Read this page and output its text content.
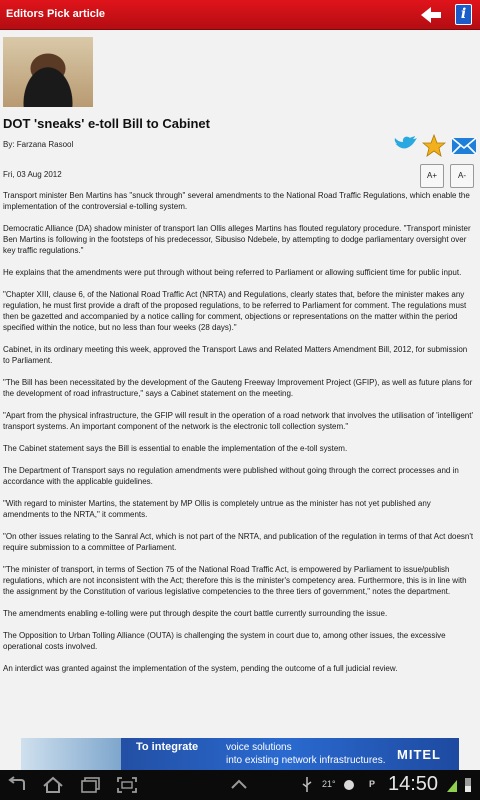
Editors Pick article	i
DOT 'sneaks' e-toll Bill to Cabinet
By: Farzana Rasool
Fri, 03 Aug 2012	A+	A-

Transport minister Ben Martins has "snuck through" several amendments to the National Road Traffic Regulations, which enable the implementation of the controversial e-tolling system.

Democratic Alliance (DA) shadow minister of transport Ian Ollis alleges Martins has flouted regulatory procedure. "Transport minister Ben Martins is following in the footsteps of his predecessor, Sibusiso Ndebele, by attempting to dodge parliamentary oversight over key traffic regulations."

He explains that the amendments were put through without being referred to Parliament or allowing sufficient time for public input.

"Chapter XIII, clause 6, of the National Road Traffic Act (NRTA) and Regulations, clearly states that, before the minister makes any regulation, he must first provide a draft of the proposed regulations, to be referred to Parliament for comment. The regulations must then be gazetted and accompanied by a notice calling for comment, objections or representations on the matter within the period specified within the notice, but no less than four weeks (28 days)."

Cabinet, in its ordinary meeting this week, approved the Transport Laws and Related Matters Amendment Bill, 2012, for submission to Parliament.

"The Bill has been necessitated by the development of the Gauteng Freeway Improvement Project (GFIP), as well as future plans for the development of road infrastructure," says a Cabinet statement on the meeting.

"Apart from the physical infrastructure, the GFIP will result in the operation of a road network that involves the utilisation of 'intelligent' transport systems. An important component of the network is the electronic toll collection system."

The Cabinet statement says the Bill is essential to enable the implementation of the e-toll system.

The Department of Transport says no regulation amendments were published without going through the correct processes and in accordance with the applicable guidelines.

"With regard to minister Martins, the statement by MP Ollis is completely untrue as the minister has not yet published any amendments to the NRTA," it comments.

"On other issues relating to the Sanral Act, which is not part of the NRTA, and publication of the regulation in terms of that Act doesn't require submission to a committee of Parliament.

"The minister of transport, in terms of Section 75 of the National Road Traffic Act, is empowered by Parliament to issue/publish regulations, which are not inconsistent with the Act; therefore this is the minister's competency area. Furthermore, this is in line with the assignment by the Constitution of various legislative competencies to the three tiers of government," notes the department.

The amendments enabling e-tolling were put through despite the court battle currently surrounding the issue.

The Opposition to Urban Tolling Alliance (OUTA) is challenging the system in court due to, among other issues, the excessive operational costs involved.

An interdict was granted against the implementation of the system, pending the outcome of a full judicial review.

To integrate	voice solutions
into existing network infrastructures. MITEL
21°	P 14:50
